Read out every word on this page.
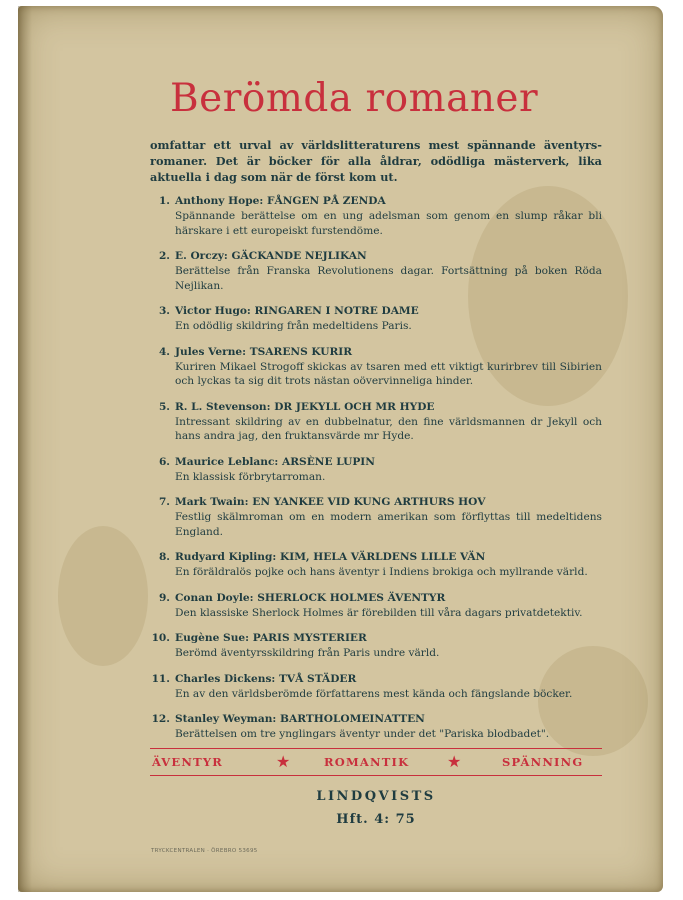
Berömda romaner
omfattar ett urval av världslitteraturens mest spännande äventyrsromaner. Det är böcker för alla åldrar, odödliga mästerverk, lika aktuella i dag som när de först kom ut.
1. Anthony Hope: FÅNGEN PÅ ZENDA
Spännande berättelse om en ung adelsman som genom en slump råkar bli härskare i ett europeiskt furstendöme.
2. E. Orczy: GÄCKANDE NEJLIKAN
Berättelse från Franska Revolutionens dagar. Fortsättning på boken Röda Nejlikan.
3. Victor Hugo: RINGAREN I NOTRE DAME
En odödlig skildring från medeltidens Paris.
4. Jules Verne: TSARENS KURIR
Kuriren Mikael Strogoff skickas av tsaren med ett viktigt kurirbrev till Sibirien och lyckas ta sig dit trots nästan oövervinneliga hinder.
5. R. L. Stevenson: DR JEKYLL OCH MR HYDE
Intressant skildring av en dubbelnatur, den fine världsmannen dr Jekyll och hans andra jag, den fruktansvärde mr Hyde.
6. Maurice Leblanc: ARSÈNE LUPIN
En klassisk förbrytarroman.
7. Mark Twain: EN YANKEE VID KUNG ARTHURS HOV
Festlig skälmroman om en modern amerikan som förflyttas till medeltidens England.
8. Rudyard Kipling: KIM, HELA VÄRLDENS LILLE VÄN
En föräldralös pojke och hans äventyr i Indiens brokiga och myllrande värld.
9. Conan Doyle: SHERLOCK HOLMES ÄVENTYR
Den klassiske Sherlock Holmes är förebilden till våra dagars privatdetektiv.
10. Eugène Sue: PARIS MYSTERIER
Berömd äventyrsskildring från Paris undre värld.
11. Charles Dickens: TVÅ STÄDER
En av den världsberömde författarens mest kända och fängslande böcker.
12. Stanley Weyman: BARTHOLOMEINATTEN
Berättelsen om tre ynglingars äventyr under det "Pariska blodbadet".
ÄVENTYR	★	ROMANTIK ★	SPÄNNING
LINDQVISTS
Hft. 4: 75
TRYCKCENTRALEN · ÖREBRO 53695
